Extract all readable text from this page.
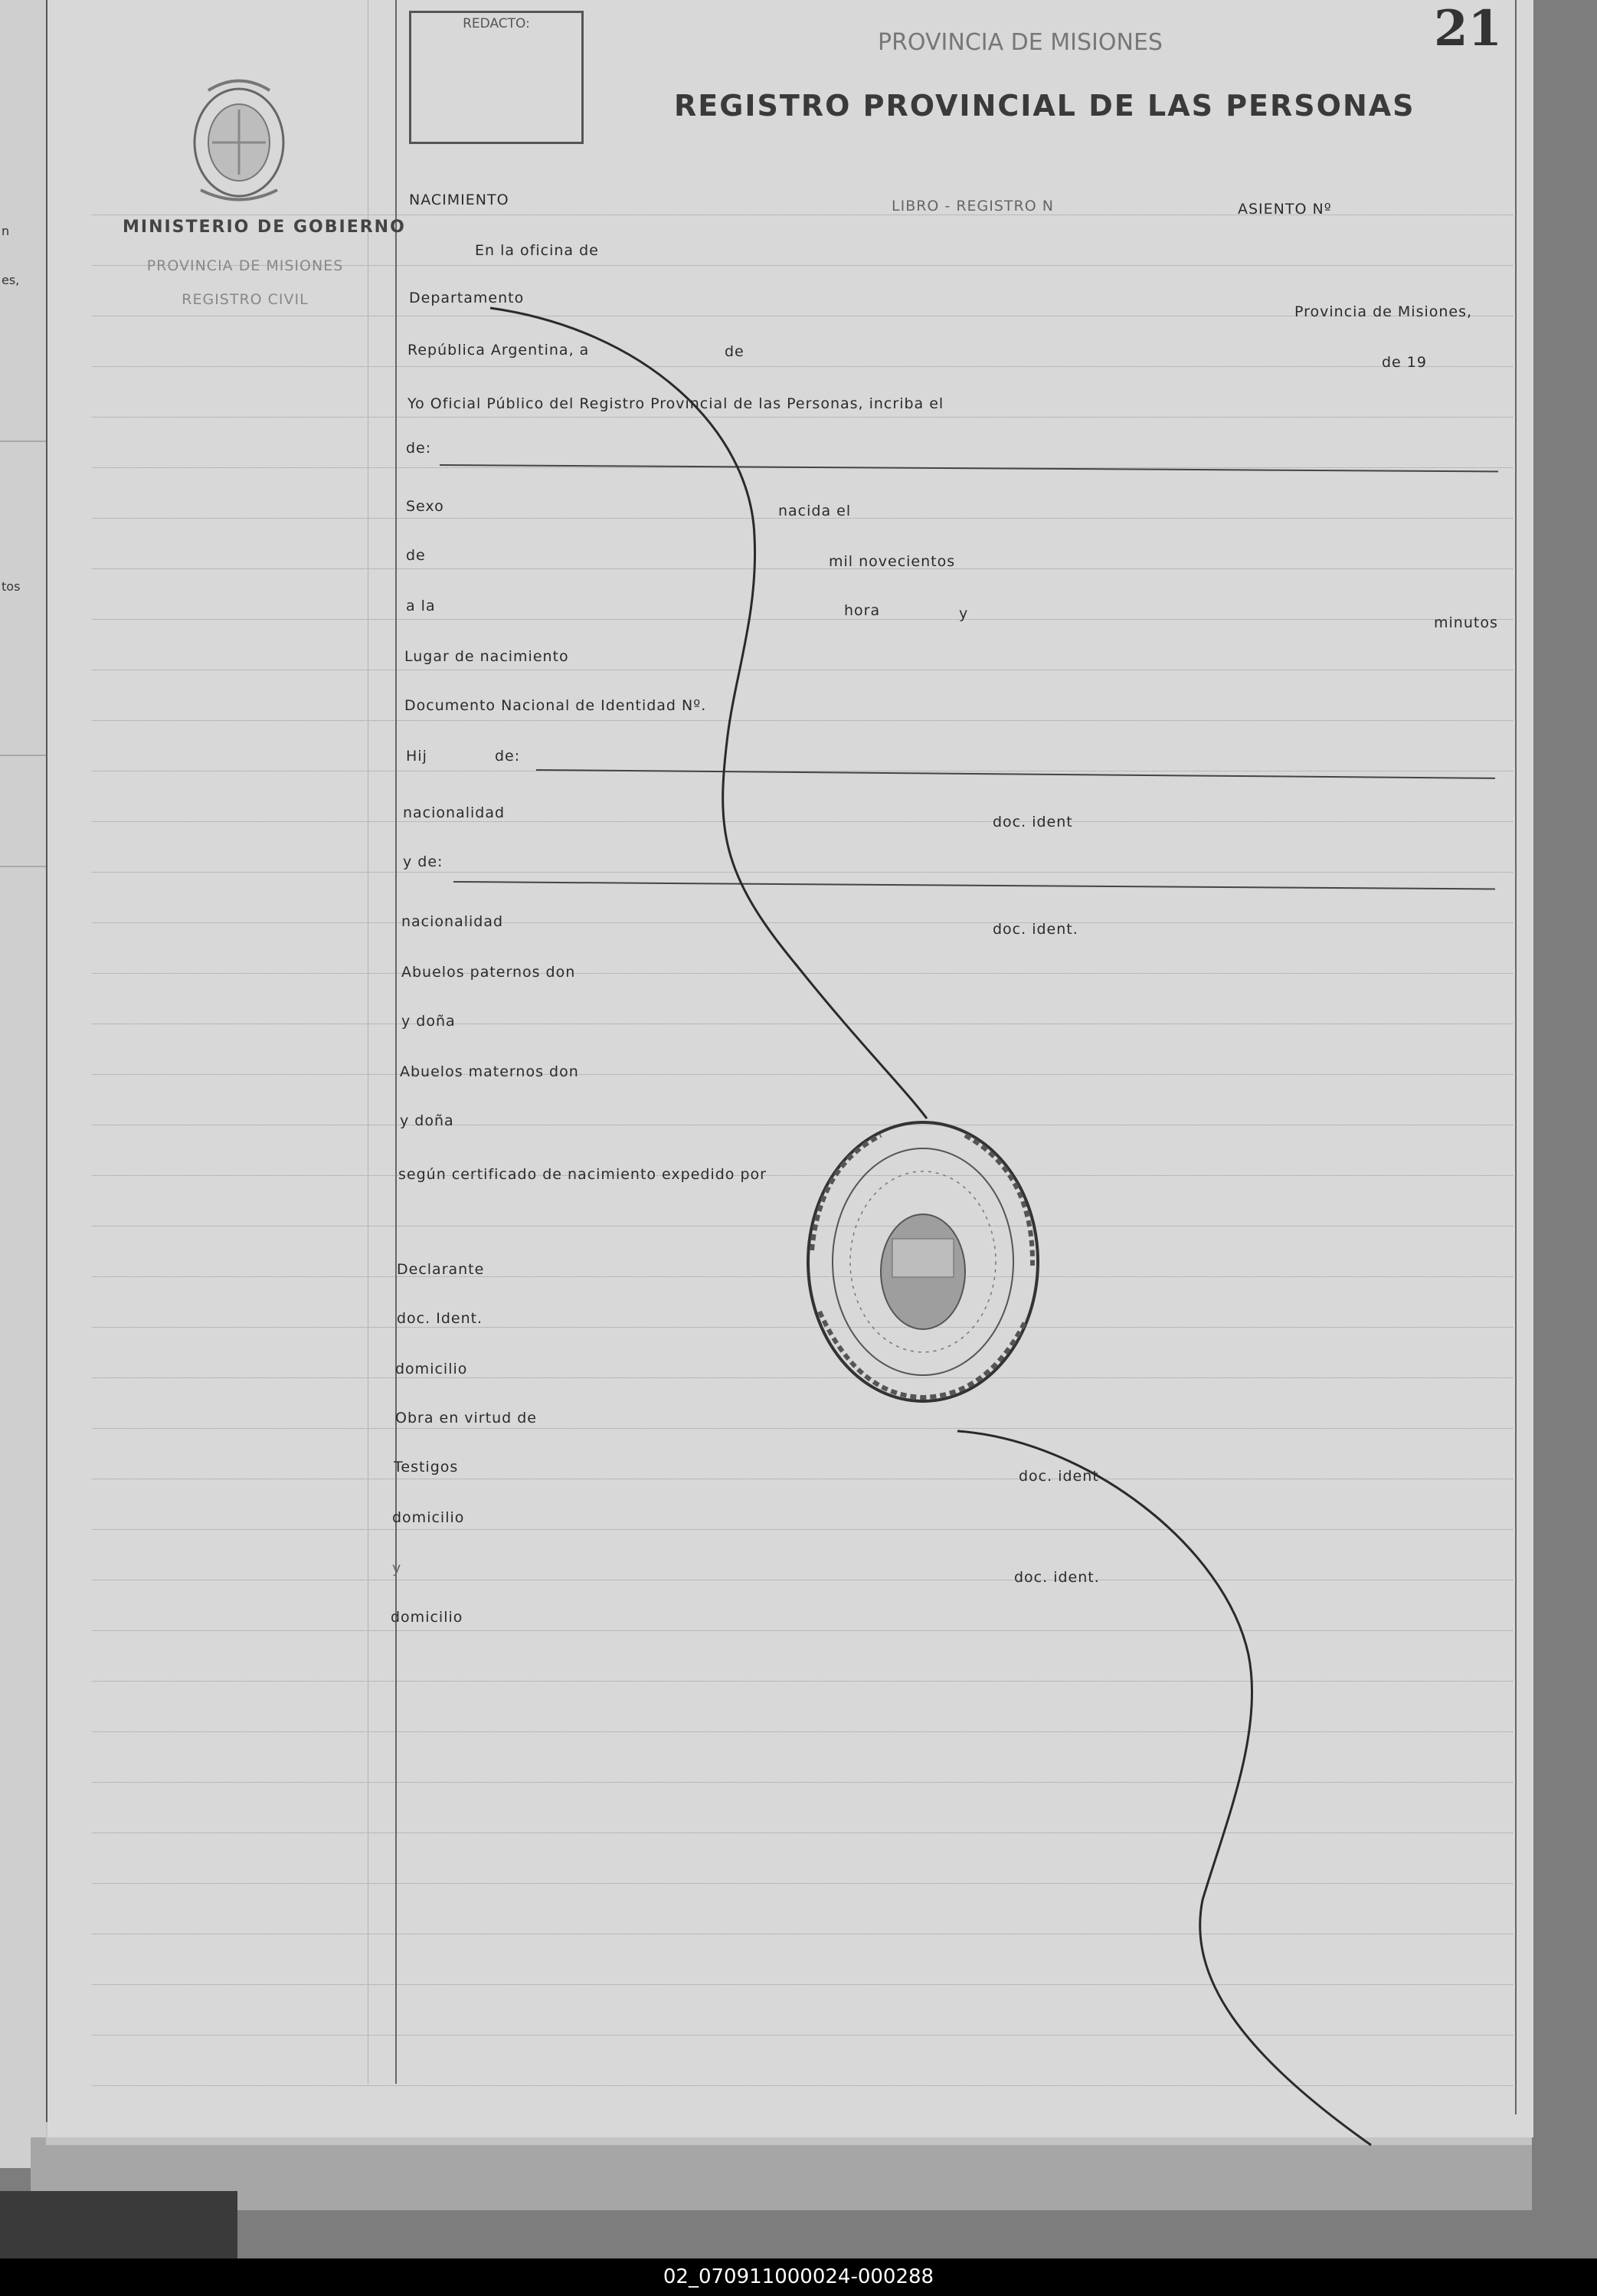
n
es,
tos
MINISTERIO DE GOBIERNO
PROVINCIA DE MISIONES
REGISTRO CIVIL
REDACTO:	21
PROVINCIA DE MISIONES
REGISTRO PROVINCIAL DE LAS PERSONAS
NACIMIENTO	LIBRO - REGISTRO N	ASIENTO Nº
En la oficina de
Departamento
Provincia de Misiones,
República Argentina, a	de
de 19
Yo Oficial Público del Registro Provincial de las Personas, incriba el
de:
Sexo	nacida el
de	mil novecientos
a la	hora	y
minutos
Lugar de nacimiento
Documento Nacional de Identidad Nº.
Hij	de:
nacionalidad
doc. ident
y de:
nacionalidad	doc. ident.
Abuelos paternos don
y doña
Abuelos maternos don
y doña
según certificado de nacimiento expedido por
Declarante
doc. Ident.
domicilio
Obra en virtud de
Testigos
doc. ident
domicilio
y
doc. ident.
domicilio
02_070911000024-000288
